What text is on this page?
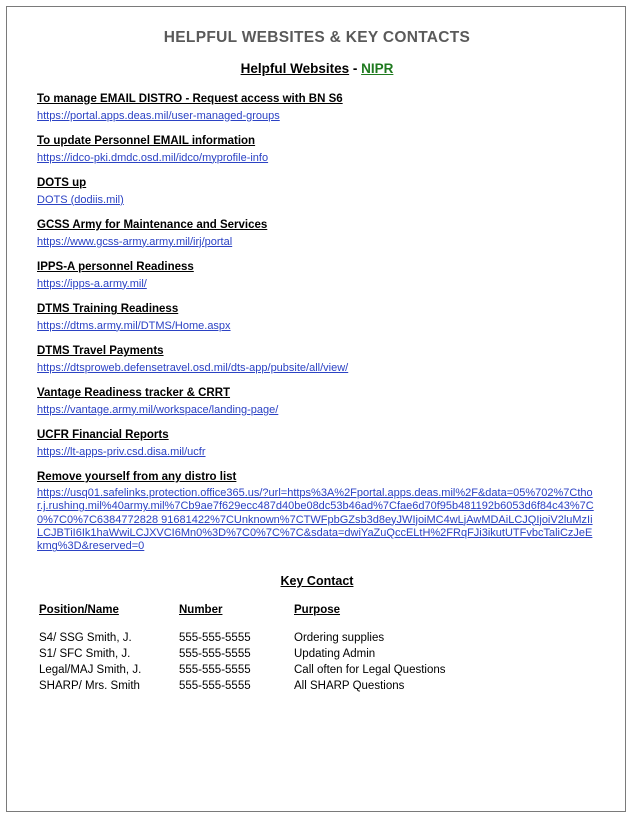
HELPFUL WEBSITES & KEY CONTACTS
Helpful Websites - NIPR
To manage EMAIL DISTRO - Request access with BN S6
https://portal.apps.deas.mil/user-managed-groups
To update Personnel EMAIL information
https://idco-pki.dmdc.osd.mil/idco/myprofile-info
DOTS up
DOTS (dodiis.mil)
GCSS Army for Maintenance and Services
https://www.gcss-army.army.mil/irj/portal
IPPS-A personnel Readiness
https://ipps-a.army.mil/
DTMS Training Readiness
https://dtms.army.mil/DTMS/Home.aspx
DTMS Travel Payments
https://dtsproweb.defensetravel.osd.mil/dts-app/pubsite/all/view/
Vantage Readiness tracker & CRRT
https://vantage.army.mil/workspace/landing-page/
UCFR Financial Reports
https://lt-apps-priv.csd.disa.mil/ucfr
Remove yourself from any distro list
https://usq01.safelinks.protection.office365.us/?url=https%3A%2Fportal.apps.deas.mil%2F&data=05%702%7Cthor.j.rushing.mil%40army.mil%7Cb9ae7f629ecc487d40be08dc53b46ad%7Cfae6d70f95b481192b6053d6f84c43%7C0%7C0%7C6384772828 91681422%7CUnknown%7CTWFpbGZsb3d8eyJWIjoiMC4wLjAwMDAiLCJQIjoiV2luMzIiLCJBTiI6Ik1haWwiLCJXVCI6Mn0%3D%7C0%7C%7C&sdata=dwiYaZuQccELtH%2FRqFJi3ikutUTFvbcTaliCzJeEkmg%3D&reserved=0
Key Contact
Position/Name	Number	Purpose
S4/ SSG Smith, J.	555-555-5555	Ordering supplies
S1/ SFC Smith, J.	555-555-5555	Updating Admin
Legal/MAJ Smith, J.	555-555-5555	Call often for Legal Questions
SHARP/ Mrs. Smith	555-555-5555	All SHARP Questions
